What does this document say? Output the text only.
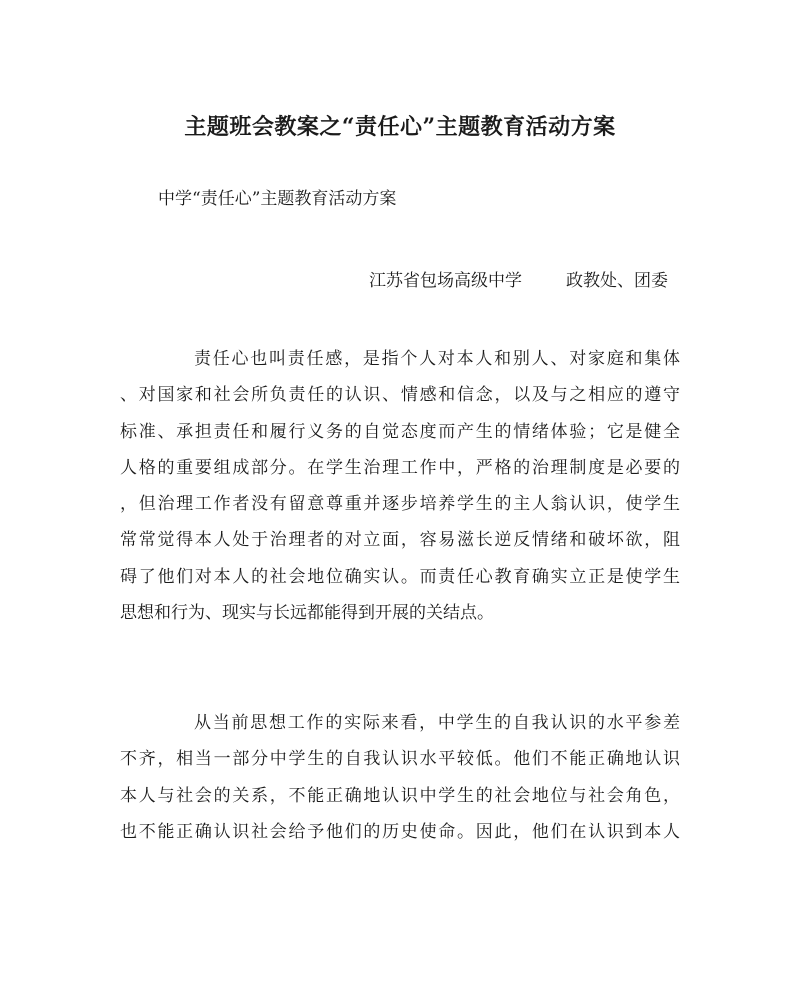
主题班会教案之“责任心”主题教育活动方案
中学“责任心”主题教育活动方案
江苏省包场高级中学	政教处、团委
责任心也叫责任感，是指个人对本人和别人、对家庭和集体
、对国家和社会所负责任的认识、情感和信念，以及与之相应的遵守
标准、承担责任和履行义务的自觉态度而产生的情绪体验；它是健全
人格的重要组成部分。在学生治理工作中，严格的治理制度是必要的
，但治理工作者没有留意尊重并逐步培养学生的主人翁认识，使学生
常常觉得本人处于治理者的对立面，容易滋长逆反情绪和破坏欲，阻
碍了他们对本人的社会地位确实认。而责任心教育确实立正是使学生
思想和行为、现实与长远都能得到开展的关结点。
从当前思想工作的实际来看，中学生的自我认识的水平参差
不齐，相当一部分中学生的自我认识水平较低。他们不能正确地认识
本人与社会的关系，不能正确地认识中学生的社会地位与社会角色，
也不能正确认识社会给予他们的历史使命。因此，他们在认识到本人
